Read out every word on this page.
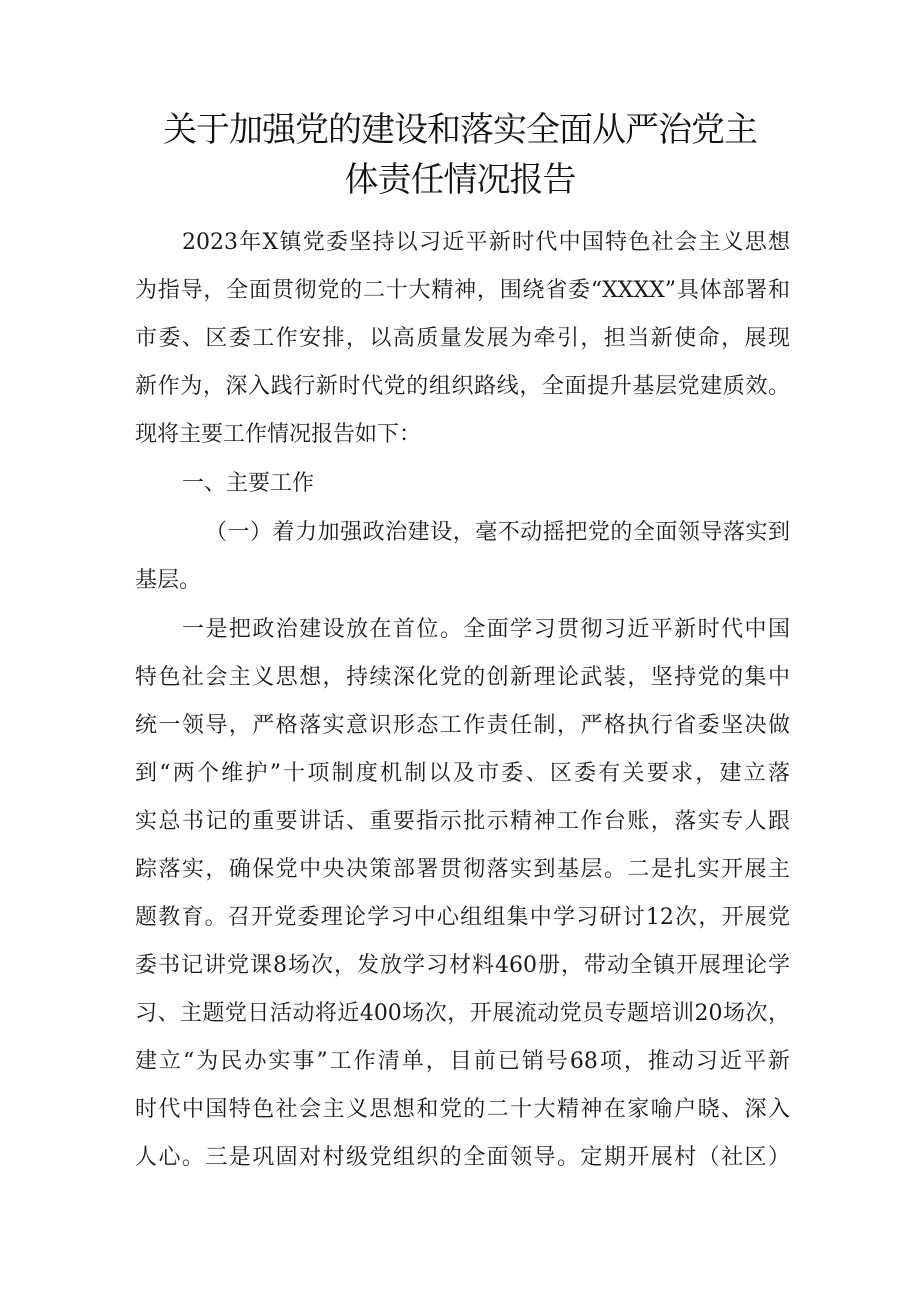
关于加强党的建设和落实全面从严治党主
体责任情况报告
2023年X镇党委坚持以习近平新时代中国特色社会主义思想
为指导，全面贯彻党的二十大精神，围绕省委“XXXX”具体部署和
市委、区委工作安排，以高质量发展为牵引，担当新使命，展现
新作为，深入践行新时代党的组织路线，全面提升基层党建质效。
现将主要工作情况报告如下：
一、主要工作
（一）着力加强政治建设，毫不动摇把党的全面领导落实到
基层。
一是把政治建设放在首位。全面学习贯彻习近平新时代中国
特色社会主义思想，持续深化党的创新理论武装，坚持党的集中
统一领导，严格落实意识形态工作责任制，严格执行省委坚决做
到“两个维护”十项制度机制以及市委、区委有关要求，建立落
实总书记的重要讲话、重要指示批示精神工作台账，落实专人跟
踪落实，确保党中央决策部署贯彻落实到基层。二是扎实开展主
题教育。召开党委理论学习中心组组集中学习研讨12次，开展党
委书记讲党课8场次，发放学习材料460册，带动全镇开展理论学
习、主题党日活动将近400场次，开展流动党员专题培训20场次，
建立“为民办实事”工作清单，目前已销号68项，推动习近平新
时代中国特色社会主义思想和党的二十大精神在家喻户晓、深入
人心。三是巩固对村级党组织的全面领导。定期开展村（社区）
